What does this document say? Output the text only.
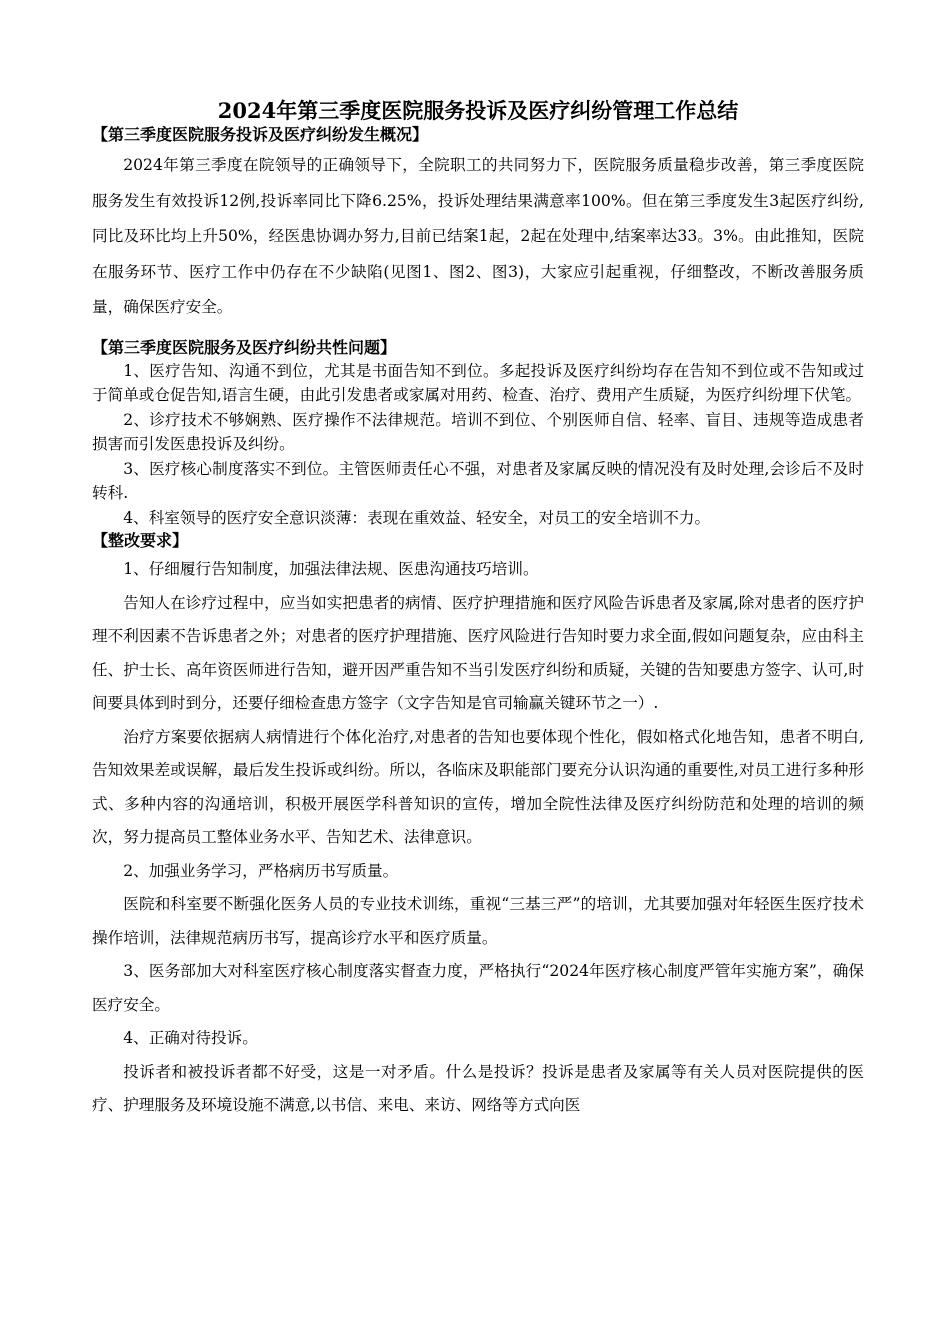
2024年第三季度医院服务投诉及医疗纠纷管理工作总结
【第三季度医院服务投诉及医疗纠纷发生概况】

2024年第三季度在院领导的正确领导下，全院职工的共同努力下，医院服务质量稳步改善，第三季度医院服务发生有效投诉12例,投诉率同比下降6.25%，投诉处理结果满意率100%。但在第三季度发生3起医疗纠纷,同比及环比均上升50%，经医患协调办努力,目前已结案1起，2起在处理中,结案率达33。3%。由此推知，医院在服务环节、医疗工作中仍存在不少缺陷(见图1、图2、图3)，大家应引起重视，仔细整改，不断改善服务质量，确保医疗安全。

【第三季度医院服务及医疗纠纷共性问题】

1、医疗告知、沟通不到位，尤其是书面告知不到位。多起投诉及医疗纠纷均存在告知不到位或不告知或过于简单或仓促告知,语言生硬，由此引发患者或家属对用药、检查、治疗、费用产生质疑，为医疗纠纷埋下伏笔。

2、诊疗技术不够娴熟、医疗操作不法律规范。培训不到位、个别医师自信、轻率、盲目、违规等造成患者损害而引发医患投诉及纠纷。

3、医疗核心制度落实不到位。主管医师责任心不强，对患者及家属反映的情况没有及时处理,会诊后不及时转科.

4、科室领导的医疗安全意识淡薄：表现在重效益、轻安全，对员工的安全培训不力。

【整改要求】

1、仔细履行告知制度，加强法律法规、医患沟通技巧培训。

告知人在诊疗过程中，应当如实把患者的病情、医疗护理措施和医疗风险告诉患者及家属,除对患者的医疗护理不利因素不告诉患者之外；对患者的医疗护理措施、医疗风险进行告知时要力求全面,假如问题复杂，应由科主任、护士长、高年资医师进行告知，避开因严重告知不当引发医疗纠纷和质疑，关键的告知要患方签字、认可,时间要具体到时到分，还要仔细检查患方签字（文字告知是官司输赢关键环节之一）.

治疗方案要依据病人病情进行个体化治疗,对患者的告知也要体现个性化，假如格式化地告知，患者不明白,告知效果差或误解，最后发生投诉或纠纷。所以，各临床及职能部门要充分认识沟通的重要性,对员工进行多种形式、多种内容的沟通培训，积极开展医学科普知识的宣传，增加全院性法律及医疗纠纷防范和处理的培训的频次，努力提高员工整体业务水平、告知艺术、法律意识。

2、加强业务学习，严格病历书写质量。

医院和科室要不断强化医务人员的专业技术训练，重视“三基三严”的培训，尤其要加强对年轻医生医疗技术操作培训，法律规范病历书写，提高诊疗水平和医疗质量。

3、医务部加大对科室医疗核心制度落实督查力度，严格执行“2024年医疗核心制度严管年实施方案”，确保医疗安全。

4、正确对待投诉。

投诉者和被投诉者都不好受，这是一对矛盾。什么是投诉？投诉是患者及家属等有关人员对医院提供的医疗、护理服务及环境设施不满意,以书信、来电、来访、网络等方式向医
